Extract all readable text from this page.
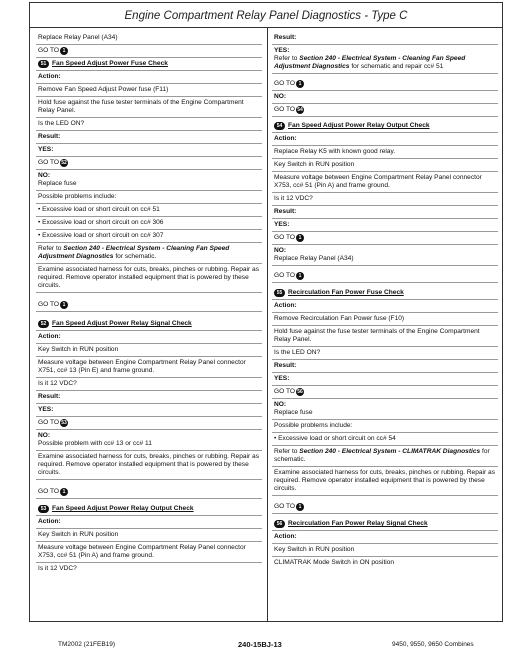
Engine Compartment Relay Panel Diagnostics - Type C
Replace Relay Panel (A34)
GO TO 1
51 Fan Speed Adjust Power Fuse Check
Action:
Remove Fan Speed Adjust Power fuse (F11)
Hold fuse against the fuse tester terminals of the Engine Compartment Relay Panel.
Is the LED ON?
Result:
YES:
GO TO 52
NO:
Replace fuse
Possible problems include:
• Excessive load or short circuit on cc# 51
• Excessive load or short circuit on cc# 306
• Excessive load or short circuit on cc# 307
Refer to Section 240 - Electrical System - Cleaning Fan Speed Adjustment Diagnostics for schematic.
Examine associated harness for cuts, breaks, pinches or rubbing. Repair as required. Remove operator installed equipment that is powered by these circuits.
GO TO 1
52 Fan Speed Adjust Power Relay Signal Check
Action:
Key Switch in RUN position
Measure voltage between Engine Compartment Relay Panel connector X751, cc# 13 (Pin E) and frame ground.
Is it 12 VDC?
Result:
YES:
GO TO 53
NO:
Possible problem with cc# 13 or cc# 11
Examine associated harness for cuts, breaks, pinches or rubbing. Repair as required. Remove operator installed equipment that is powered by these circuits.
GO TO 1
53 Fan Speed Adjust Power Relay Output Check
Action:
Key Switch in RUN position
Measure voltage between Engine Compartment Relay Panel connector X753, cc# 51 (Pin A) and frame ground.
Is it 12 VDC?
Result:
YES:
Refer to Section 240 - Electrical System - Cleaning Fan Speed Adjustment Diagnostics for schematic and repair cc# 51
GO TO 1
NO:
GO TO 54
54 Fan Speed Adjust Power Relay Output Check
Action:
Replace Relay K5 with known good relay.
Key Switch in RUN position
Measure voltage between Engine Compartment Relay Panel connector X753, cc# 51 (Pin A) and frame ground.
Is it 12 VDC?
Result:
YES:
GO TO 1
NO:
Replace Relay Panel (A34)
GO TO 1
55 Recirculation Fan Power Fuse Check
Action:
Remove Recirculation Fan Power fuse (F10)
Hold fuse against the fuse tester terminals of the Engine Compartment Relay Panel.
Is the LED ON?
Result:
YES:
GO TO 56
NO:
Replace fuse
Possible problems include:
• Excessive load or short circuit on cc# 54
Refer to Section 240 - Electrical System - CLIMATRAK Diagnostics for schematic.
Examine associated harness for cuts, breaks, pinches or rubbing. Repair as required. Remove operator installed equipment that is powered by these circuits.
GO TO 1
56 Recirculation Fan Power Relay Signal Check
Action:
Key Switch in RUN position
CLIMATRAK Mode Switch in ON position
TM2002 (21FEB19)	240-15BJ-13	9450, 9550, 9650 Combines
